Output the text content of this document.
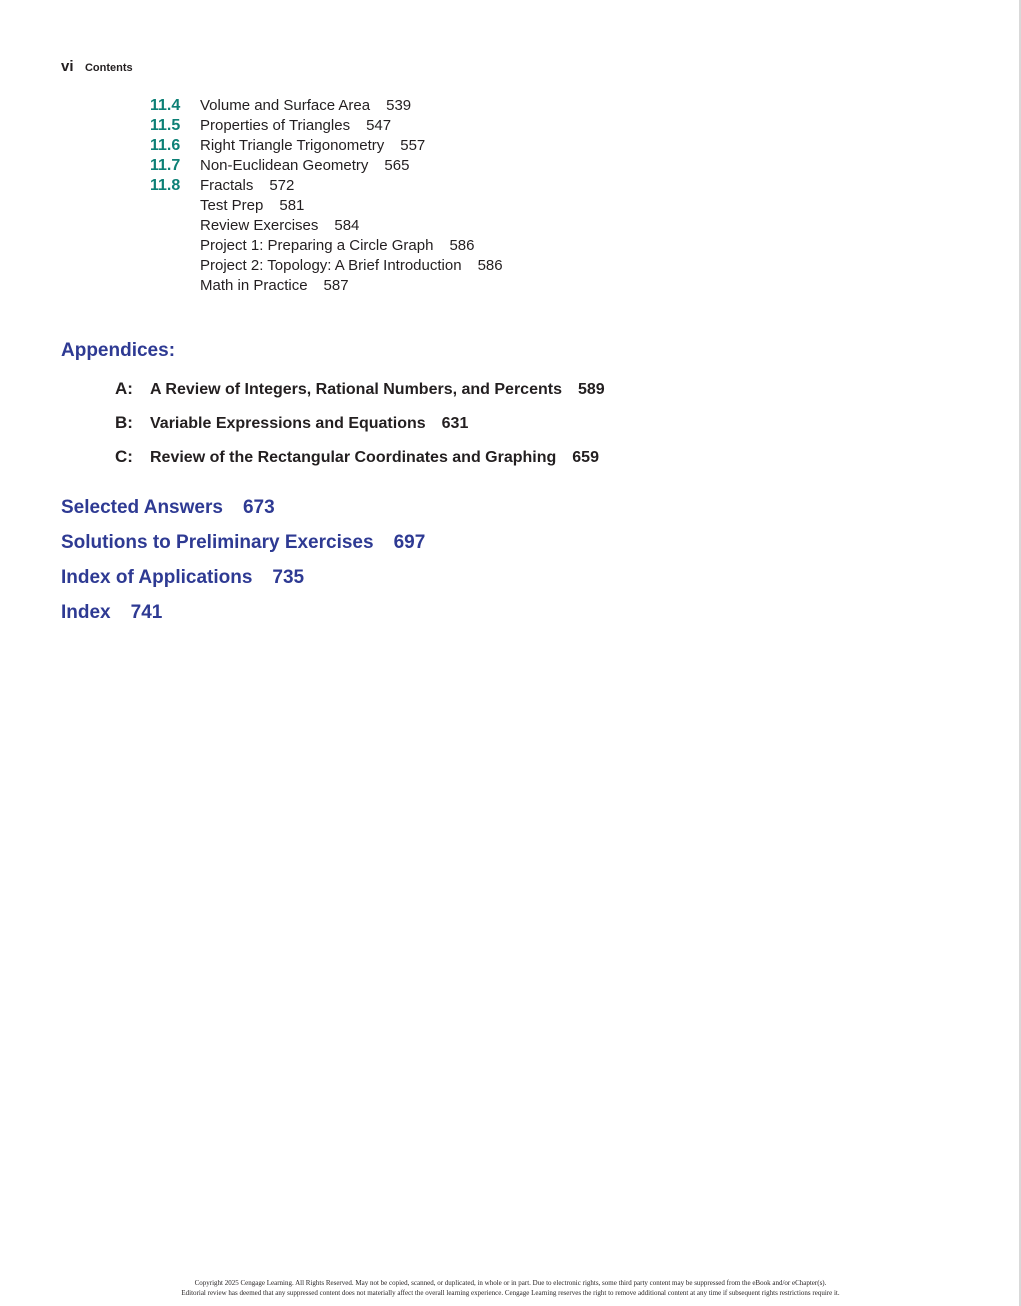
vi Contents
11.4 Volume and Surface Area 539
11.5 Properties of Triangles 547
11.6 Right Triangle Trigonometry 557
11.7 Non-Euclidean Geometry 565
11.8 Fractals 572
Test Prep 581
Review Exercises 584
Project 1: Preparing a Circle Graph 586
Project 2: Topology: A Brief Introduction 586
Math in Practice 587
Appendices:
A: A Review of Integers, Rational Numbers, and Percents 589
B: Variable Expressions and Equations 631
C: Review of the Rectangular Coordinates and Graphing 659
Selected Answers 673
Solutions to Preliminary Exercises 697
Index of Applications 735
Index 741
Copyright 2025 Cengage Learning. All Rights Reserved. May not be copied, scanned, or duplicated, in whole or in part. Due to electronic rights, some third party content may be suppressed from the eBook and/or eChapter(s).
Editorial review has deemed that any suppressed content does not materially affect the overall learning experience. Cengage Learning reserves the right to remove additional content at any time if subsequent rights restrictions require it.
